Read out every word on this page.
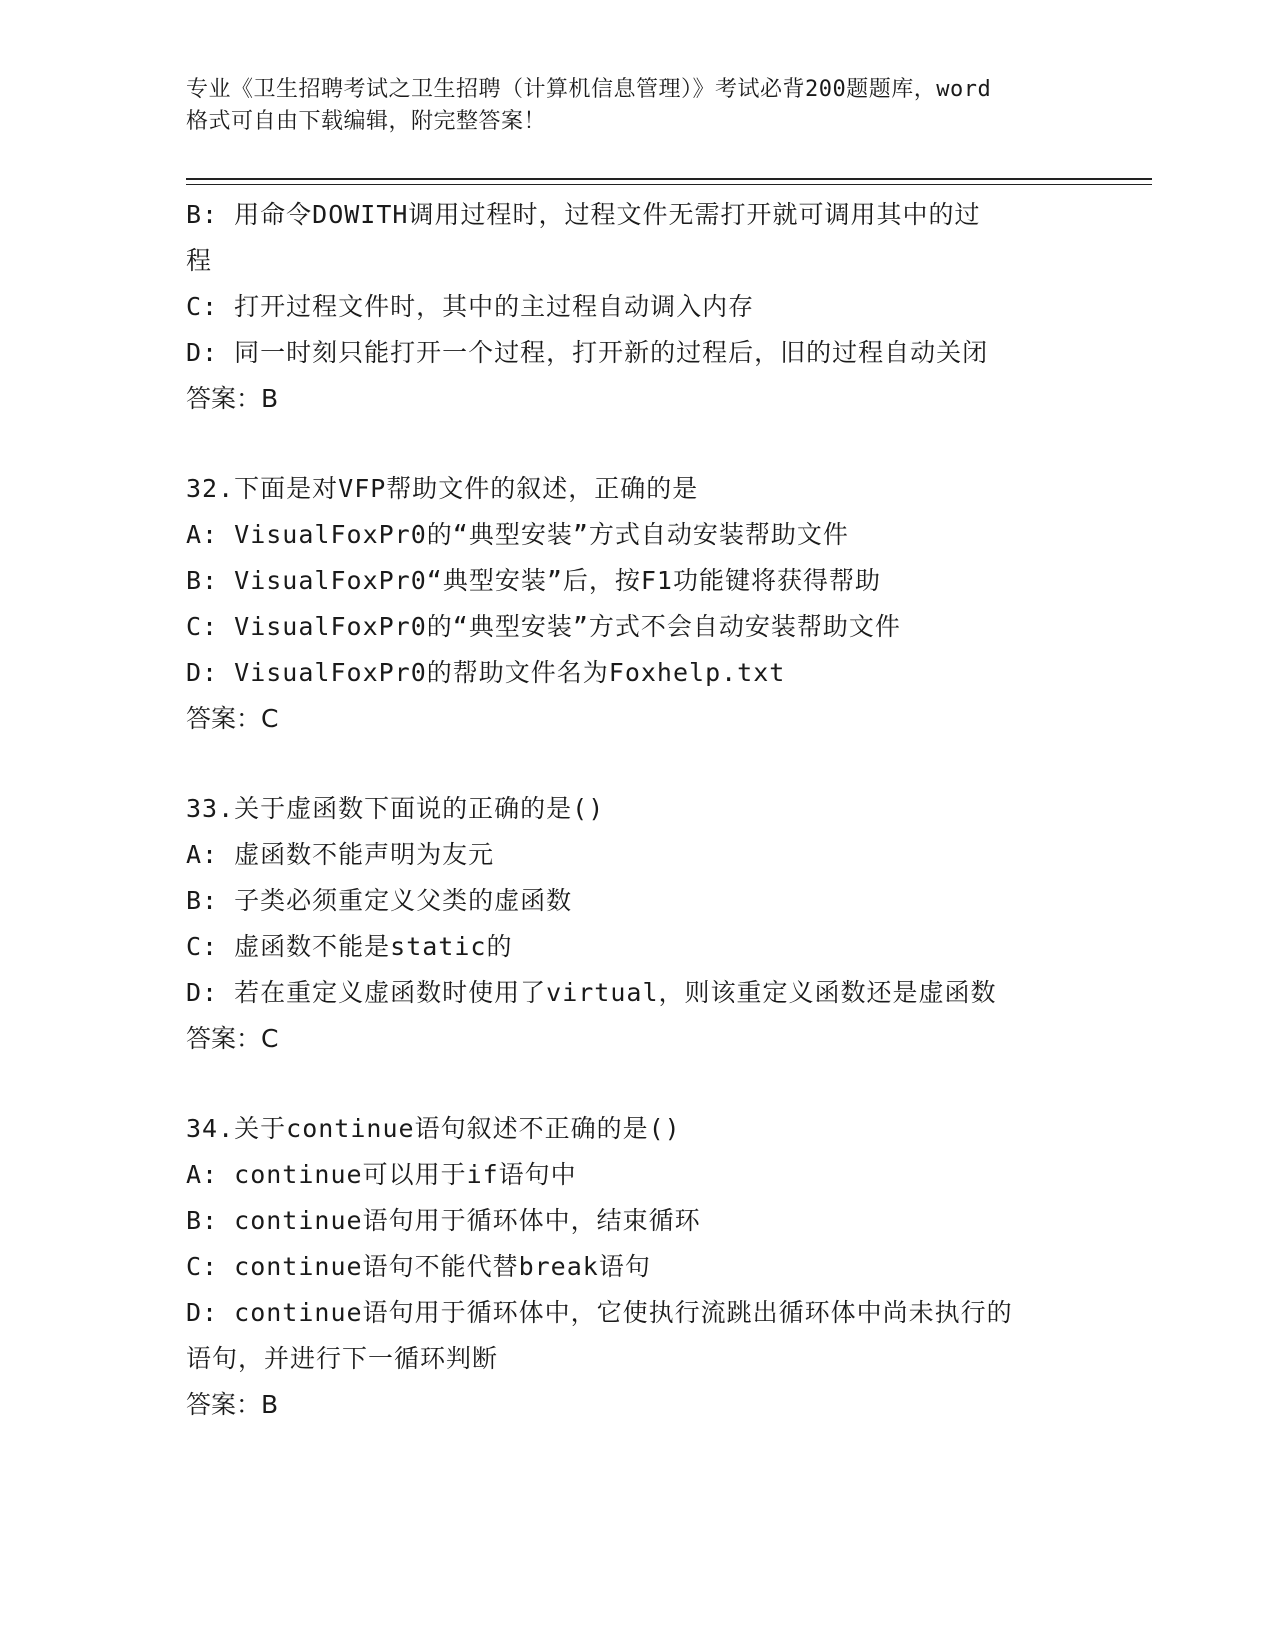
专业《卫生招聘考试之卫生招聘（计算机信息管理）》考试必背200题题库，word
格式可自由下载编辑，附完整答案！
B: 用命令DOWITH调用过程时，过程文件无需打开就可调用其中的过
程
C: 打开过程文件时，其中的主过程自动调入内存
D: 同一时刻只能打开一个过程，打开新的过程后，旧的过程自动关闭
答案：B
32.下面是对VFP帮助文件的叙述，正确的是
A: VisualFoxPr0的“典型安装”方式自动安装帮助文件
B: VisualFoxPr0“典型安装”后，按F1功能键将获得帮助
C: VisualFoxPr0的“典型安装”方式不会自动安装帮助文件
D: VisualFoxPr0的帮助文件名为Foxhelp.txt
答案：C
33.关于虚函数下面说的正确的是()
A: 虚函数不能声明为友元
B: 子类必须重定义父类的虚函数
C: 虚函数不能是static的
D: 若在重定义虚函数时使用了virtual，则该重定义函数还是虚函数
答案：C
34.关于continue语句叙述不正确的是()
A: continue可以用于if语句中
B: continue语句用于循环体中，结束循环
C: continue语句不能代替break语句
D: continue语句用于循环体中，它使执行流跳出循环体中尚未执行的
语句，并进行下一循环判断
答案：B
